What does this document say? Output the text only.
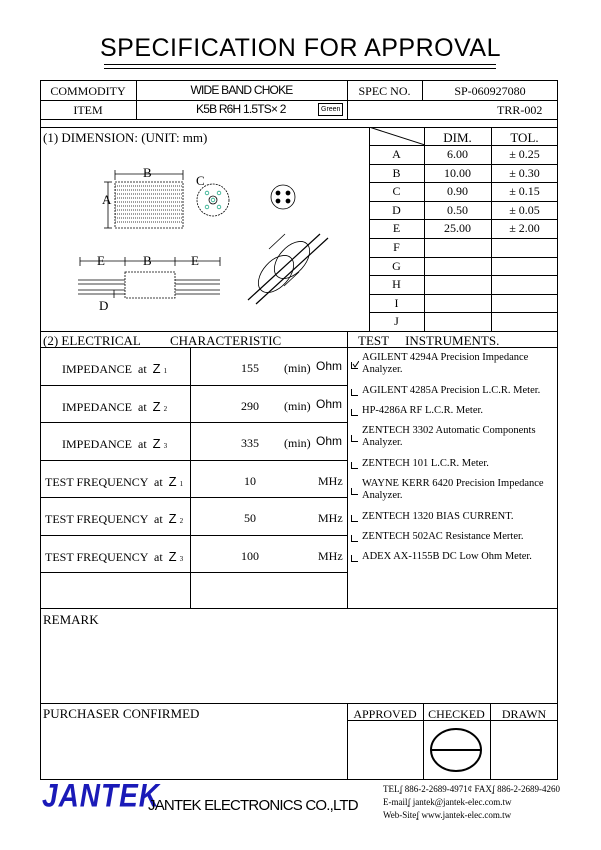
SPECIFICATION FOR APPROVAL
COMMODITY	WIDE BAND CHOKE	SPEC NO.	SP-060927080
ITEM	K5B R6H 1.5TS× 2	Green	TRR-002
(1) DIMENSION: (UNIT: mm)	DIM.	TOL.
A	6.00	± 0.25
B	10.00	± 0.30
C	0.90	± 0.15
D	0.50	± 0.05
E	25.00	± 2.00
F
G
H
I
J
B
C
A
E	B	E
D
(2) ELECTRICAL CHARACTERISTIC	TEST     INSTRUMENTS.
IMPEDANCE  at  Z 1	155	(min) Ohm
IMPEDANCE  at  Z 2	290	(min) Ohm
IMPEDANCE  at  Z 3	335	(min) Ohm
TEST FREQUENCY  at  Z 1	10	MHz
TEST FREQUENCY  at  Z 2	50	MHz
TEST FREQUENCY  at  Z 3	100	MHz
AGILENT 4294A Precision Impedance
Analyzer.
AGILENT 4285A Precision L.C.R. Meter.
HP-4286A RF L.C.R. Meter.
ZENTECH 3302 Automatic Components
Analyzer.
ZENTECH 101 L.C.R. Meter.
WAYNE KERR 6420 Precision Impedance
Analyzer.
ZENTECH 1320 BIAS CURRENT.
ZENTECH 502AC Resistance Merter.
ADEX AX-1155B DC Low Ohm Meter.
REMARK
PURCHASER CONFIRMED	APPROVED CHECKED	DRAWN
JANTEK
JANTEK ELECTRONICS CO.,LTD
TELʆ 886-2-2689-4971¢ FAXʆ 886-2-2689-4260
E-mailʆ jantek@jantek-elec.com.tw
Web-Siteʆ www.jantek-elec.com.tw
